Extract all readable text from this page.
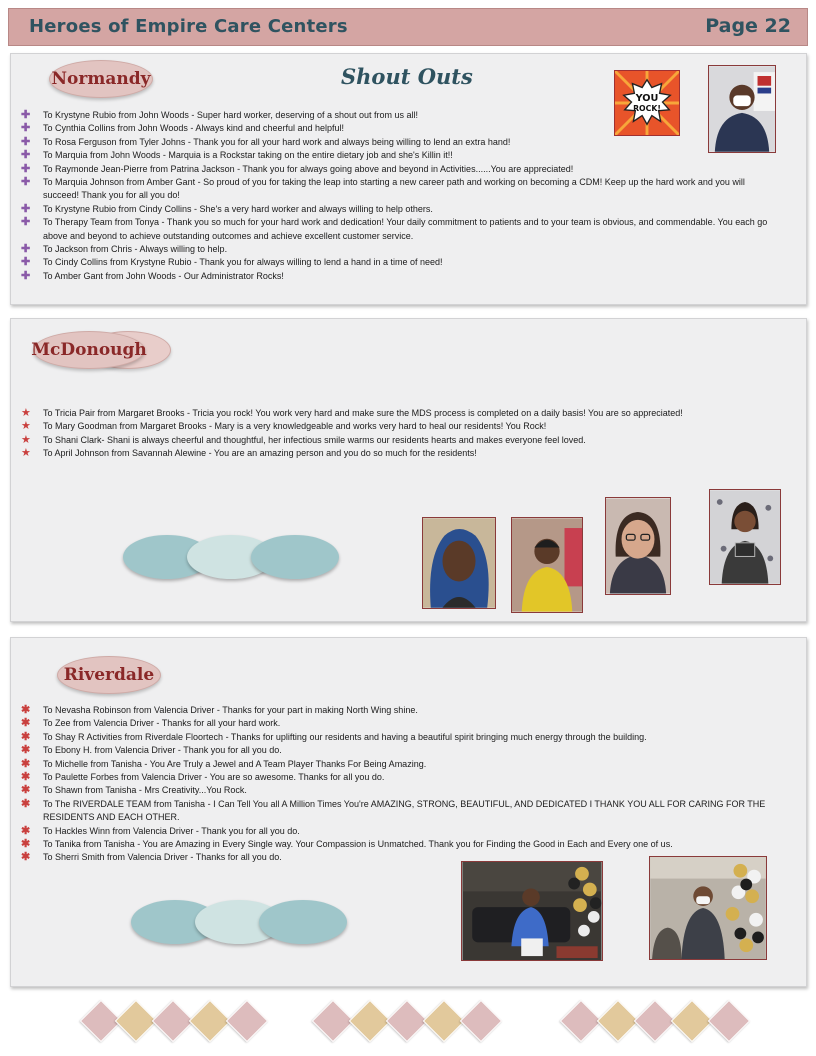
Heroes of Empire Care Centers	Page 22
Normandy	Shout Outs
YOU
ROCK!
✚ To Krystyne Rubio from John Woods - Super hard worker, deserving of a shout out from us all!
✚ To Cynthia Collins from John Woods - Always kind and cheerful and helpful!
✚ To Rosa Ferguson from Tyler Johns - Thank you for all your hard work and always being willing to lend an extra hand!
✚ To Marquia from John Woods - Marquia is a Rockstar taking on the entire dietary job and she's Killin it!!
✚ To Raymonde Jean-Pierre from Patrina Jackson - Thank you for always going above and beyond in Activities......You are appreciated!
✚ To Marquia Johnson from Amber Gant - So proud of you for taking the leap into starting a new career path and working on becoming a CDM! Keep up the hard work and you will succeed! Thank you for all you do!
✚ To Krystyne Rubio from Cindy Collins - She's a very hard worker and always willing to help others.
✚ To Therapy Team from Tonya - Thank you so much for your hard work and dedication! Your daily commitment to patients and to your team is obvious, and commendable. You each go above and beyond to achieve outstanding outcomes and achieve excellent customer service.
✚ To Jackson from Chris - Always willing to help.
✚ To Cindy Collins from Krystyne Rubio - Thank you for always willing to lend a hand in a time of need!
✚ To Amber Gant from John Woods - Our Administrator Rocks!
McDonough
★ To Tricia Pair from Margaret Brooks - Tricia you rock! You work very hard and make sure the MDS process is completed on a daily basis! You are so appreciated!
★ To Mary Goodman from Margaret Brooks - Mary is a very knowledgeable and works very hard to heal our residents! You Rock!
★ To Shani Clark- Shani is always cheerful and thoughtful, her infectious smile warms our residents hearts and makes everyone feel loved.
★ To April Johnson from Savannah Alewine - You are an amazing person and you do so much for the residents!
Riverdale
✱ To Nevasha Robinson from Valencia Driver - Thanks for your part in making North Wing shine.
✱ To Zee from Valencia Driver - Thanks for all your hard work.
✱ To Shay R Activities from Riverdale Floortech - Thanks for uplifting our residents and having a beautiful spirit bringing much energy through the building.
✱ To Ebony H. from Valencia Driver - Thank you for all you do.
✱ To Michelle from Tanisha - You Are Truly a Jewel and A Team Player Thanks For Being Amazing.
✱ To Paulette Forbes from Valencia Driver - You are so awesome. Thanks for all you do.
✱ To Shawn from Tanisha - Mrs Creativity...You Rock.
✱ To The RIVERDALE TEAM from Tanisha - I Can Tell You all A Million Times You're AMAZING, STRONG, BEAUTIFUL, AND DEDICATED I THANK YOU ALL FOR CARING FOR THE RESIDENTS AND EACH OTHER.
✱ To Hackles Winn from Valencia Driver - Thank you for all you do.
✱ To Tanika from Tanisha - You are Amazing in Every Single way. Your Compassion is Unmatched. Thank you for Finding the Good in Each and Every one of us.
✱ To Sherri Smith from Valencia Driver - Thanks for all you do.
